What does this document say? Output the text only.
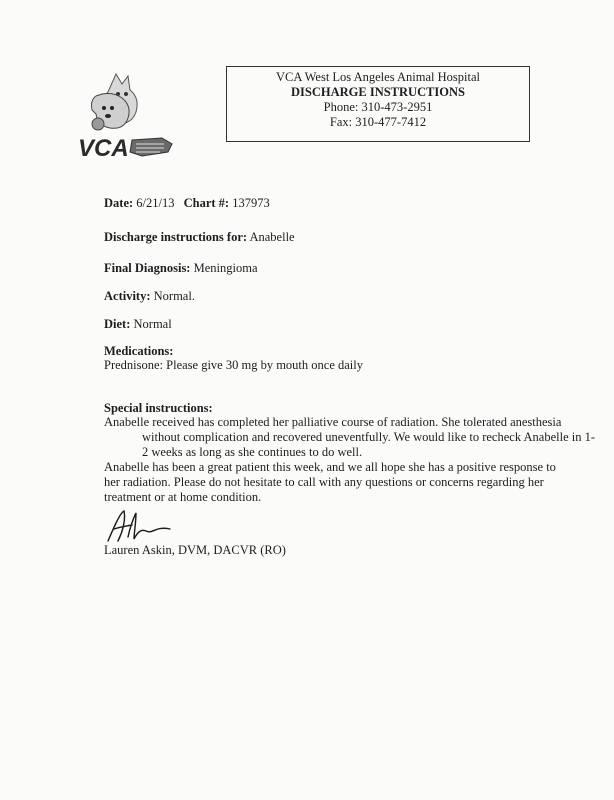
VCA
VCA West Los Angeles Animal Hospital
DISCHARGE INSTRUCTIONS
Phone: 310-473-2951
Fax: 310-477-7412
Date: 6/21/13 Chart #: 137973
Discharge instructions for: Anabelle
Final Diagnosis: Meningioma
Activity: Normal.
Diet: Normal
Medications:
Prednisone: Please give 30 mg by mouth once daily
Special instructions:
Anabelle received has completed her palliative course of radiation. She tolerated anesthesia without complication and recovered uneventfully. We would like to recheck Anabelle in 1-2 weeks as long as she continues to do well.
Anabelle has been a great patient this week, and we all hope she has a positive response to her radiation. Please do not hesitate to call with any questions or concerns regarding her treatment or at home condition.
Lauren Askin, DVM, DACVR (RO)
